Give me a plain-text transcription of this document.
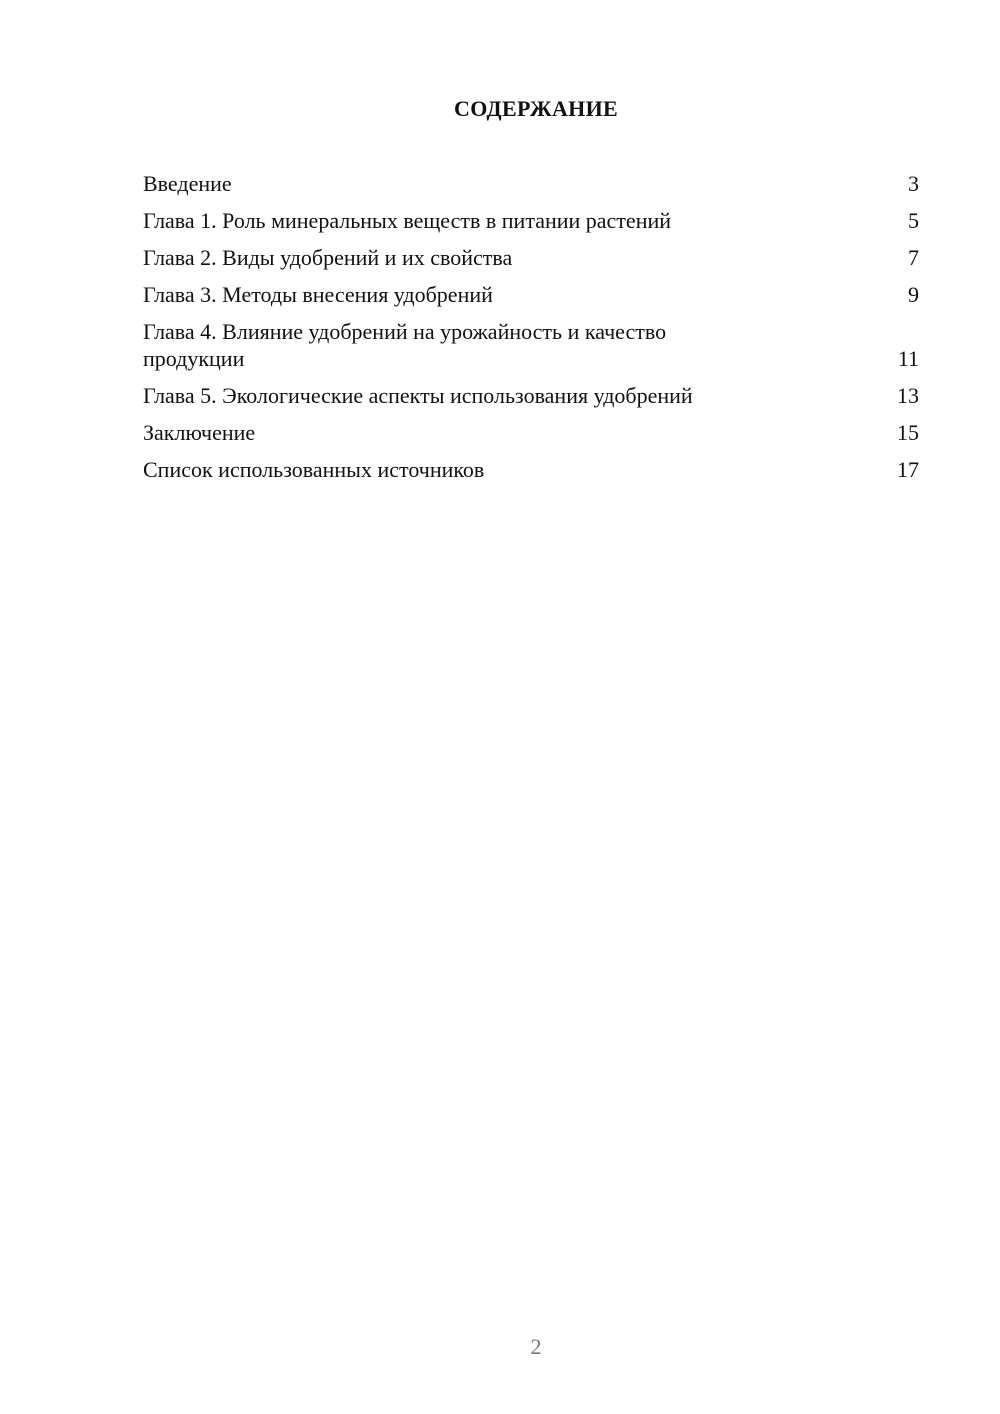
СОДЕРЖАНИЕ
Введение	3
Глава 1. Роль минеральных веществ в питании растений	5
Глава 2. Виды удобрений и их свойства	7
Глава 3. Методы внесения удобрений	9
Глава 4. Влияние удобрений на урожайность и качество продукции	11
Глава 5. Экологические аспекты использования удобрений	13
Заключение	15
Список использованных источников	17
2
